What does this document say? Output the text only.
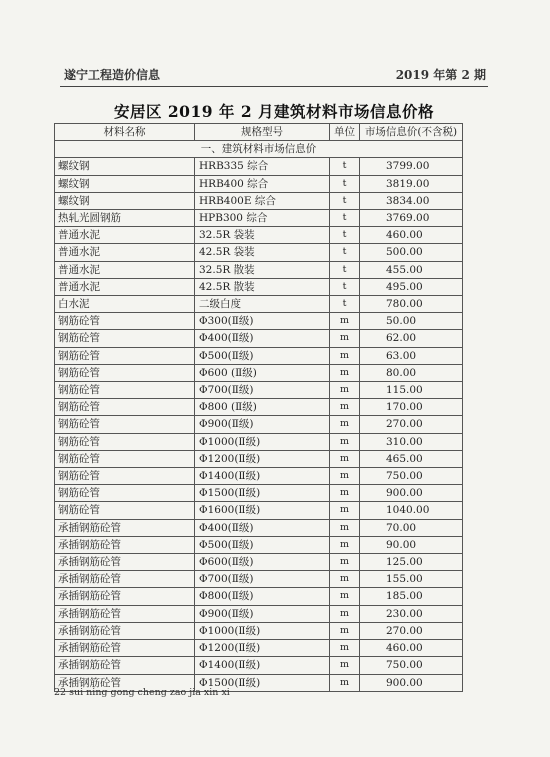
遂宁工程造价信息	2019 年第 2 期
安居区 2019 年 2 月建筑材料市场信息价格
材料名称	规格型号	单位	市场信息价(不含税)
一、建筑材料市场信息价			
螺纹钢	HRB335 综合	t	3799.00
螺纹钢	HRB400 综合	t	3819.00
螺纹钢	HRB400E 综合	t	3834.00
热轧光圆钢筋	HPB300 综合	t	3769.00
普通水泥	32.5R 袋装	t	460.00
普通水泥	42.5R 袋装	t	500.00
普通水泥	32.5R 散装	t	455.00
普通水泥	42.5R 散装	t	495.00
白水泥	二级白度	t	780.00
钢筋砼管	Φ300(Ⅱ级)	m	50.00
钢筋砼管	Φ400(Ⅱ级)	m	62.00
钢筋砼管	Φ500(Ⅱ级)	m	63.00
钢筋砼管	Φ600 (Ⅱ级)	m	80.00
钢筋砼管	Φ700(Ⅱ级)	m	115.00
钢筋砼管	Φ800 (Ⅱ级)	m	170.00
钢筋砼管	Φ900(Ⅱ级)	m	270.00
钢筋砼管	Φ1000(Ⅱ级)	m	310.00
钢筋砼管	Φ1200(Ⅱ级)	m	465.00
钢筋砼管	Φ1400(Ⅱ级)	m	750.00
钢筋砼管	Φ1500(Ⅱ级)	m	900.00
钢筋砼管	Φ1600(Ⅱ级)	m	1040.00
承插钢筋砼管	Φ400(Ⅱ级)	m	70.00
承插钢筋砼管	Φ500(Ⅱ级)	m	90.00
承插钢筋砼管	Φ600(Ⅱ级)	m	125.00
承插钢筋砼管	Φ700(Ⅱ级)	m	155.00
承插钢筋砼管	Φ800(Ⅱ级)	m	185.00
承插钢筋砼管	Φ900(Ⅱ级)	m	230.00
承插钢筋砼管	Φ1000(Ⅱ级)	m	270.00
承插钢筋砼管	Φ1200(Ⅱ级)	m	460.00
承插钢筋砼管	Φ1400(Ⅱ级)	m	750.00
承插钢筋砼管	Φ1500(Ⅱ级)	m	900.00
22 sui ning gong cheng zao jia xin xi
